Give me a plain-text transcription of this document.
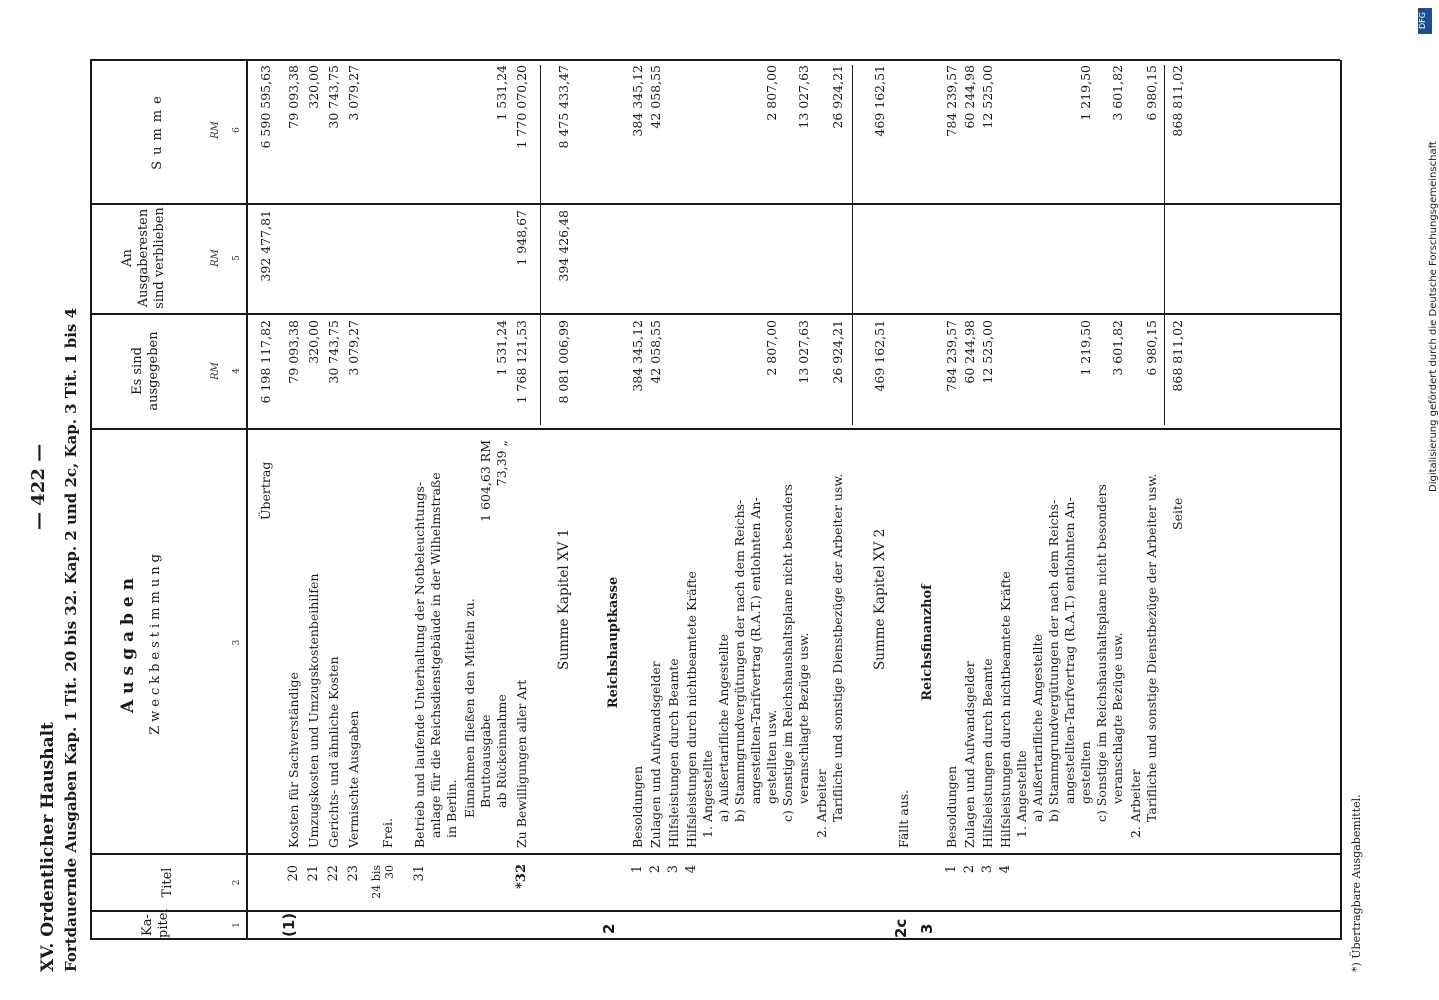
XV. Ordentlicher Haushalt
— 422 — Fortdauernde Ausgaben Kap. 1 Tit. 20 bis 32. Kap. 2 und 2c, Kap. 3 Tit. 1 bis 4	Ka-pitel
Titel
Ausgaben Zweckbestimmung
Es sind ausgegeben
An Ausgaberesten sind verblieben
Summe
RM
RM
RM
1
2
3
4
5
6
Übertrag
6 198 117,82
392 477,81
6 590 595,63
(1)
20
Kosten für Sachverständige
79 093,38
79 093,38
21
Umzugskosten und Umzugskostenbeihilfen
320,00
320,00
22
Gerichts- und ähnliche Kosten
30 743,75
30 743,75
23
Vermischte Ausgaben
3 079,27
3 079,27
24 bis 30
Frei.
31
Betrieb und laufende Unterhaltung der Notbeleuchtungs- anlage für die Reichsdienstgebäude in der Wilhelmstraße in Berlin. Einnahmen fließen den Mitteln zu. Bruttoausgabe
1 604,63 RM
ab Rückeinnahme
73,39 „
1 531,24
1 531,24
*32
Zu Bewilligungen aller Art
1 768 121,53
1 948,67
1 770 070,20
Summe Kapitel XV 1
8 081 006,99
394 426,48
8 475 433,47
2
Reichshauptkasse
1
Besoldungen
384 345,12
384 345,12
2
Zulagen und Aufwandsgelder
42 058,55
42 058,55
3
Hilfsleistungen durch Beamte
4
Hilfsleistungen durch nichtbeamtete Kräfte 1. Angestellte a) Außertarifliche Angestellte b) Stammgrundvergütungen der nach dem Reichs- angestellten-Tarifvertrag (R.A.T.) entlohnten An- gestellten usw.
2 807,00
2 807,00
c) Sonstige im Reichshaushaltsplane nicht besonders veranschlagte Bezüge usw.
13 027,63
13 027,63
2. Arbeiter Tarifliche und sonstige Dienstbezüge der Arbeiter usw.
26 924,21
26 924,21
Summe Kapitel XV 2
469 162,51
469 162,51
2c
Fällt aus.
3
Reichsfinanzhof
1
Besoldungen
784 239,57
784 239,57
2
Zulagen und Aufwandsgelder
60 244,98
60 244,98
3
Hilfsleistungen durch Beamte
12 525,00
12 525,00
4
Hilfsleistungen durch nichtbeamtete Kräfte 1. Angestellte a) Außertarifliche Angestellte b) Stammgrundvergütungen der nach dem Reichs- angestellten-Tarifvertrag (R.A.T.) entlohnten An- gestellten
1 219,50
1 219,50
c) Sonstige im Reichshaushaltsplane nicht besonders veranschlagte Bezüge usw.
3 601,82
3 601,82
2. Arbeiter Tarifliche und sonstige Dienstbezüge der Arbeiter usw.
6 980,15
6 980,15
Seite
868 811,02
868 811,02
*) Übertragbare Ausgabemittel.
DFG
Digitalisierung gefördert durch die Deutsche Forschungsgemeinschaft
